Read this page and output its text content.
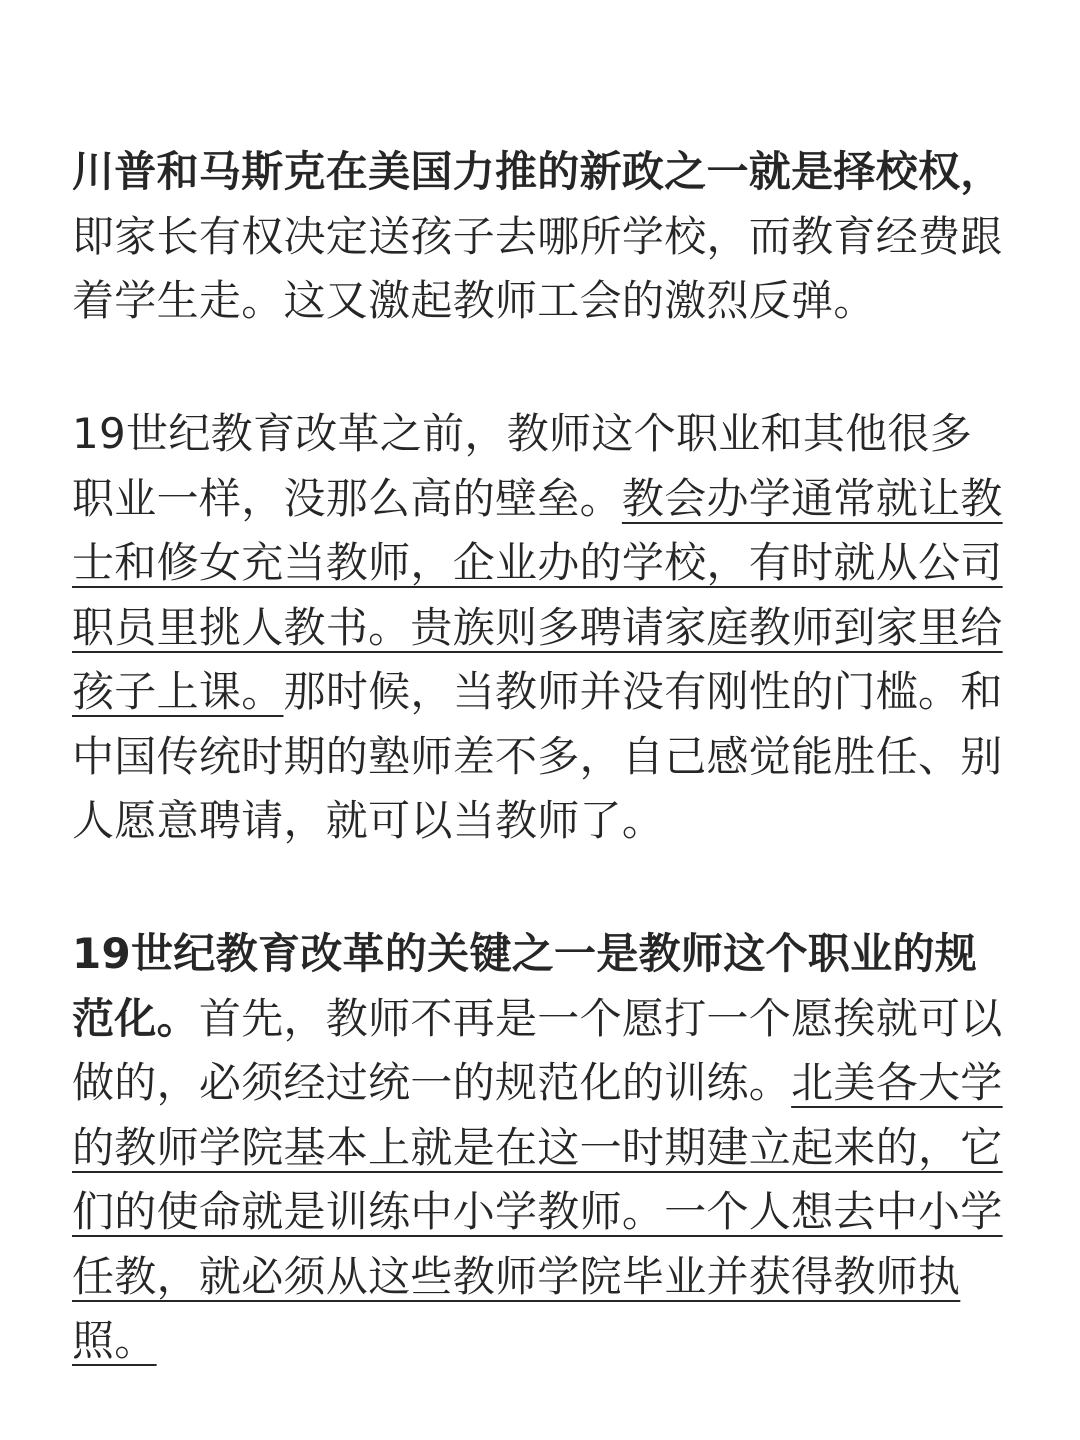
川普和马斯克在美国力推的新政之一就是择校权，即家长有权决定送孩子去哪所学校，而教育经费跟着学生走。这又激起教师工会的激烈反弹。

19世纪教育改革之前，教师这个职业和其他很多职业一样，没那么高的壁垒。教会办学通常就让教士和修女充当教师，企业办的学校，有时就从公司职员里挑人教书。贵族则多聘请家庭教师到家里给孩子上课。那时候，当教师并没有刚性的门槛。和中国传统时期的塾师差不多，自己感觉能胜任、别人愿意聘请，就可以当教师了。

19世纪教育改革的关键之一是教师这个职业的规范化。首先，教师不再是一个愿打一个愿挨就可以做的，必须经过统一的规范化的训练。北美各大学的教师学院基本上就是在这一时期建立起来的，它们的使命就是训练中小学教师。一个人想去中小学任教，就必须从这些教师学院毕业并获得教师执照。
